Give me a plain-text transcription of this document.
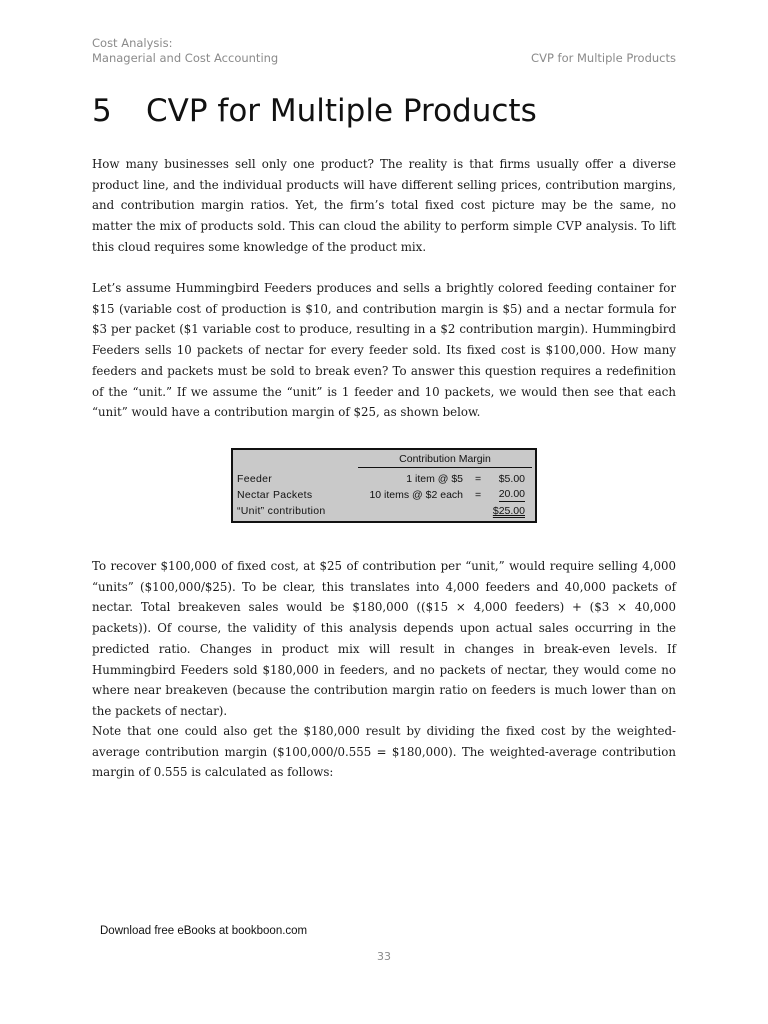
Cost Analysis:
Managerial and Cost Accounting	CVP for Multiple Products
5 CVP for Multiple Products

How many businesses sell only one product? The reality is that firms usually offer a diverse product line, and the individual products will have different selling prices, contribution margins, and contribution margin ratios. Yet, the firm’s total fixed cost picture may be the same, no matter the mix of products sold. This can cloud the ability to perform simple CVP analysis. To lift this cloud requires some knowledge of the product mix.

Let’s assume Hummingbird Feeders produces and sells a brightly colored feeding container for $15 (variable cost of production is $10, and contribution margin is $5) and a nectar formula for $3 per packet ($1 variable cost to produce, resulting in a $2 contribution margin). Hummingbird Feeders sells 10 packets of nectar for every feeder sold. Its fixed cost is $100,000. How many feeders and packets must be sold to break even? To answer this question requires a redefinition of the “unit.” If we assume the “unit” is 1 feeder and 10 packets, we would then see that each “unit” would have a contribution margin of $25, as shown below.

Contribution Margin
Feeder	1 item @ $5 = $5.00
Nectar Packets	10 items @ $2 each = 20.00
“Unit” contribution	$25.00

To recover $100,000 of fixed cost, at $25 of contribution per “unit,” would require selling 4,000 “units” ($100,000/$25). To be clear, this translates into 4,000 feeders and 40,000 packets of nectar. Total breakeven sales would be $180,000 (($15 × 4,000 feeders) + ($3 × 40,000 packets)). Of course, the validity of this analysis depends upon actual sales occurring in the predicted ratio. Changes in product mix will result in changes in break-even levels. If Hummingbird Feeders sold $180,000 in feeders, and no packets of nectar, they would come no where near breakeven (because the contribution margin ratio on feeders is much lower than on the packets of nectar).

Note that one could also get the $180,000 result by dividing the fixed cost by the weighted-average contribution margin ($100,000/0.555 = $180,000). The weighted-average contribution margin of 0.555 is calculated as follows:

Download free eBooks at bookboon.com
33
